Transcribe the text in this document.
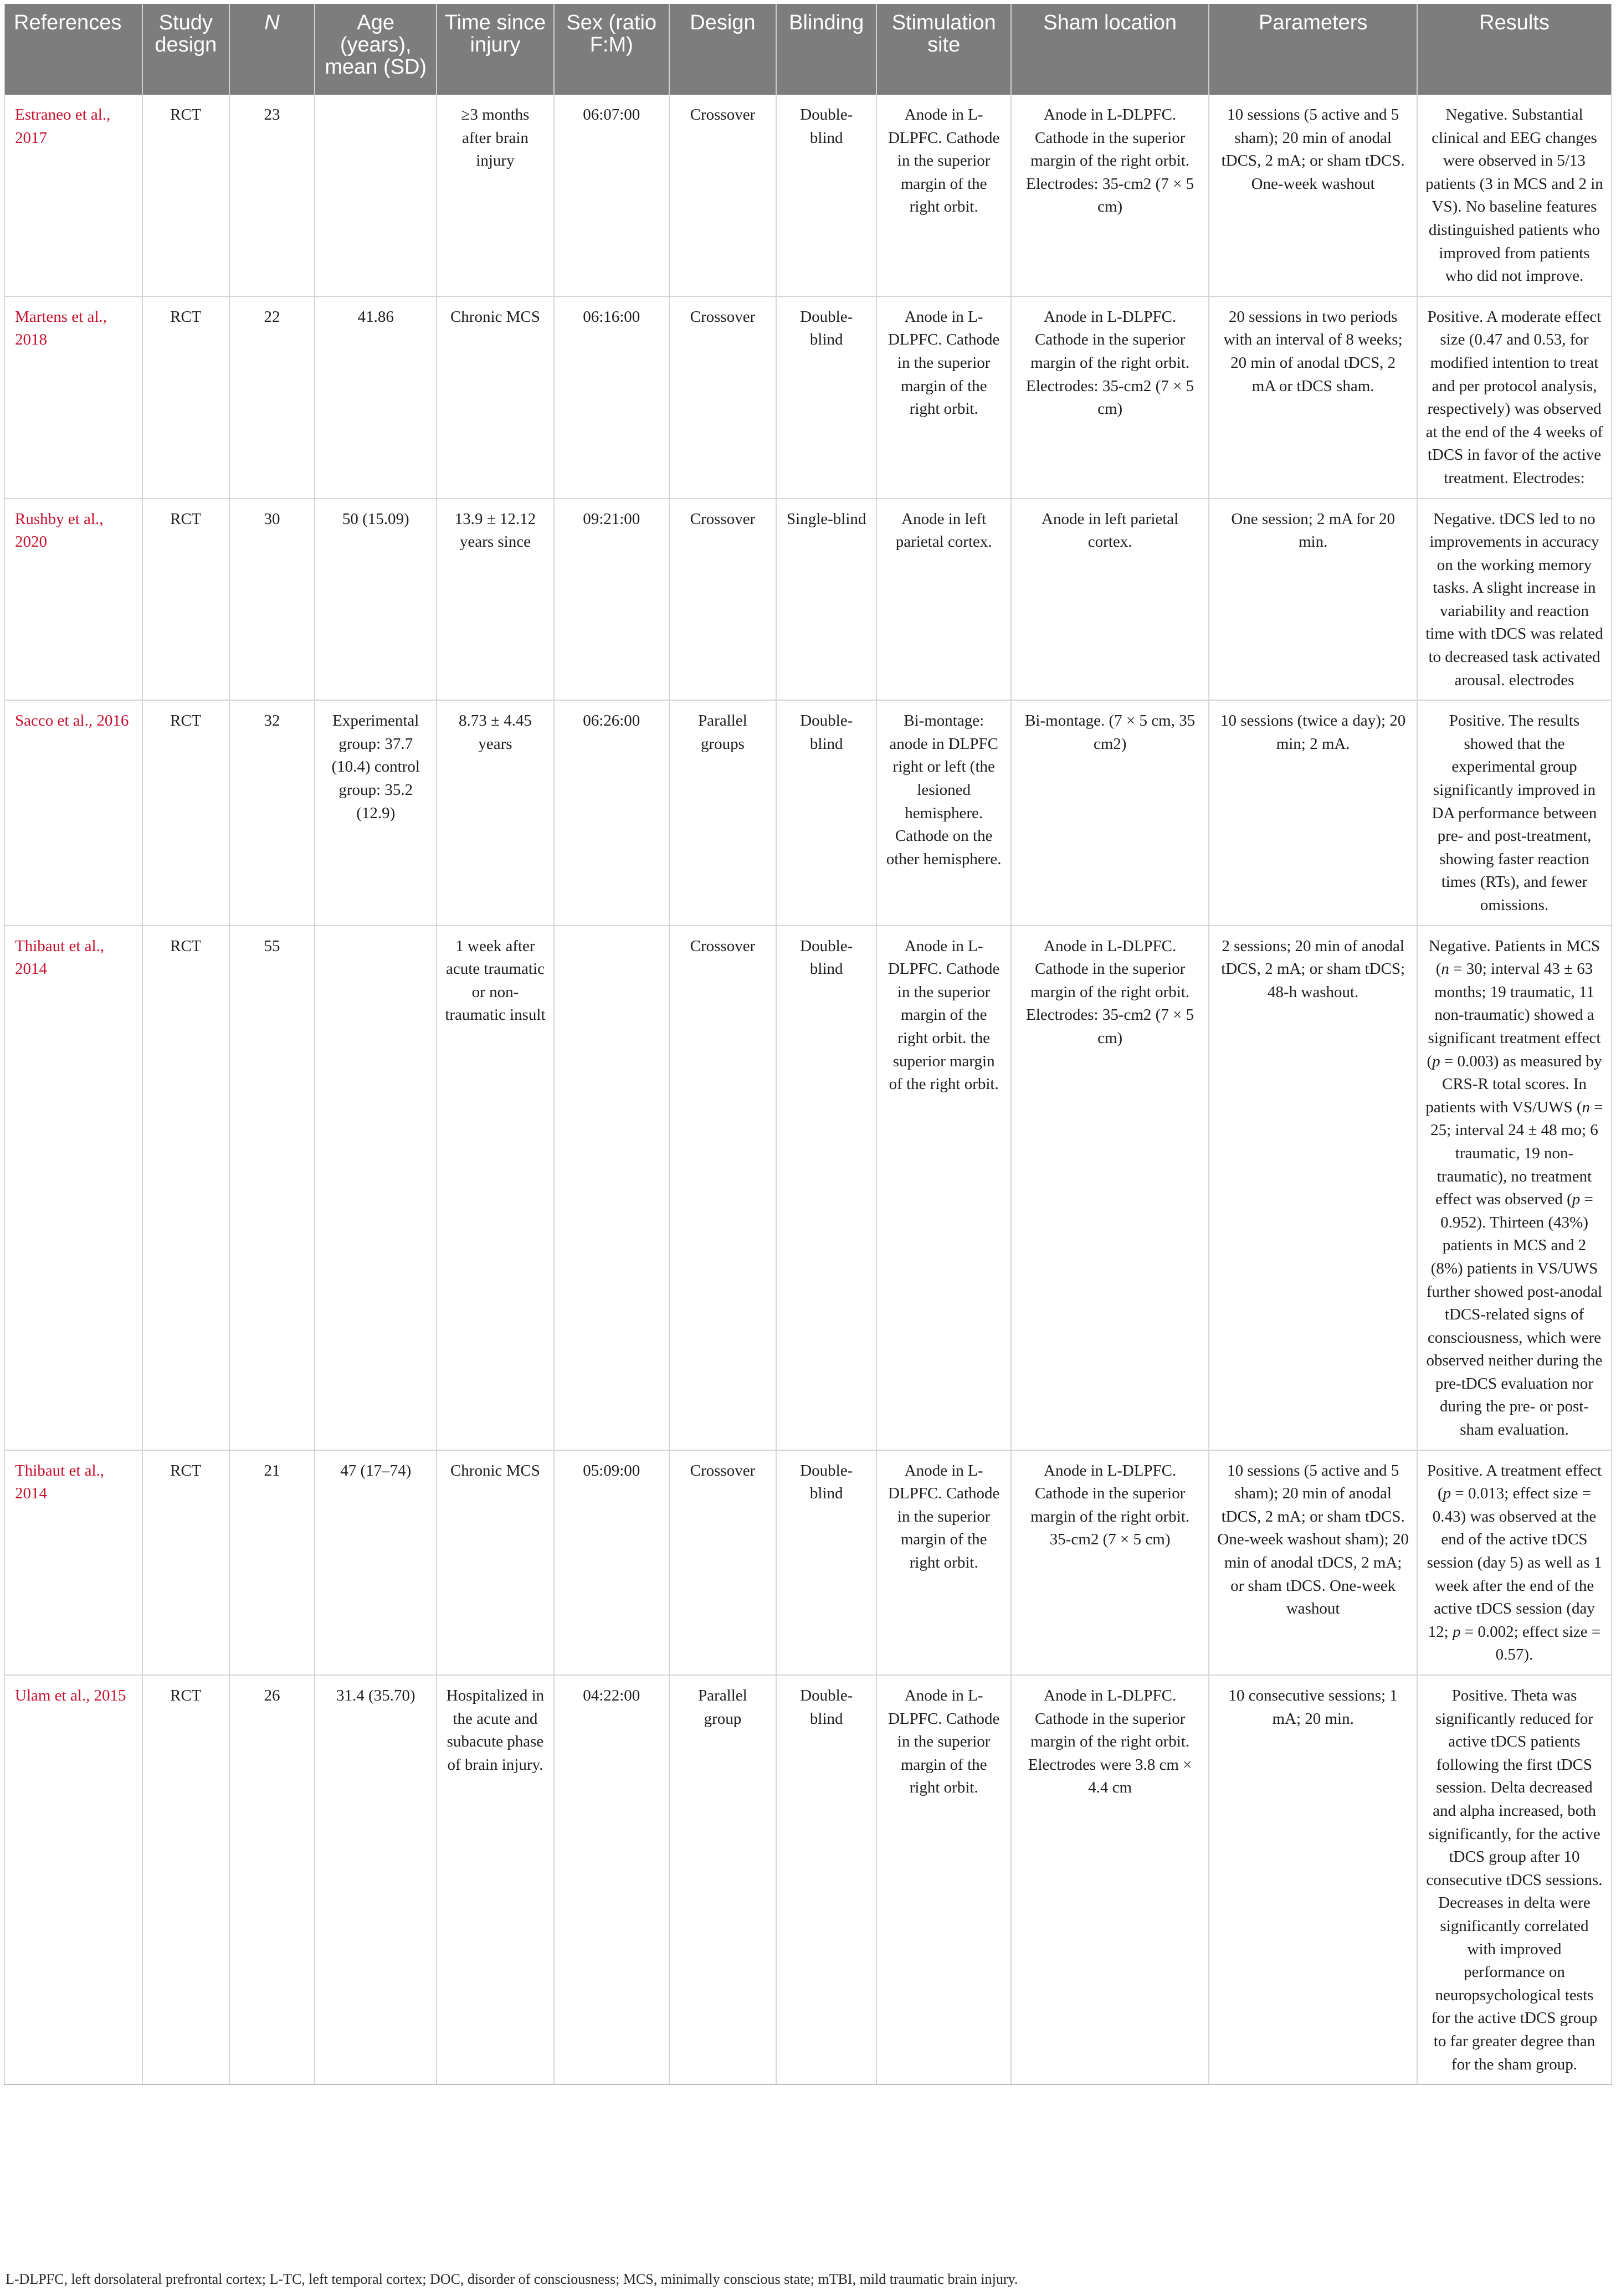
References	Study design	N	Age (years), mean (SD)	Time since injury	Sex (ratio F:M)	Design	Blinding	Stimulation site	Sham location	Parameters	Results
Estraneo et al., 2017	RCT	23		≥3 months after brain injury	06:07:00	Crossover	Double-blind	Anode in L-DLPFC. Cathode in the superior margin of the right orbit.	Anode in L-DLPFC. Cathode in the superior margin of the right orbit. Electrodes: 35-cm2 (7 × 5 cm)	10 sessions (5 active and 5 sham); 20 min of anodal tDCS, 2 mA; or sham tDCS. One-week washout	Negative. Substantial clinical and EEG changes were observed in 5/13 patients (3 in MCS and 2 in VS). No baseline features distinguished patients who improved from patients who did not improve.
Martens et al., 2018	RCT	22	41.86	Chronic MCS	06:16:00	Crossover	Double-blind	Anode in L-DLPFC. Cathode in the superior margin of the right orbit.	Anode in L-DLPFC. Cathode in the superior margin of the right orbit. Electrodes: 35-cm2 (7 × 5 cm)	20 sessions in two periods with an interval of 8 weeks; 20 min of anodal tDCS, 2 mA or tDCS sham.	Positive. A moderate effect size (0.47 and 0.53, for modified intention to treat and per protocol analysis, respectively) was observed at the end of the 4 weeks of tDCS in favor of the active treatment. Electrodes:
Rushby et al., 2020	RCT	30	50 (15.09)	13.9 ± 12.12 years since	09:21:00	Crossover	Single-blind	Anode in left parietal cortex.	Anode in left parietal cortex.	One session; 2 mA for 20 min.	Negative. tDCS led to no improvements in accuracy on the working memory tasks. A slight increase in variability and reaction time with tDCS was related to decreased task activated arousal. electrodes
Sacco et al., 2016	RCT	32	Experimental group: 37.7 (10.4) control group: 35.2 (12.9)	8.73 ± 4.45 years	06:26:00	Parallel groups	Double-blind	Bi-montage: anode in DLPFC right or left (the lesioned hemisphere. Cathode on the other hemisphere.	Bi-montage. (7 × 5 cm, 35 cm2)	10 sessions (twice a day); 20 min; 2 mA.	Positive. The results showed that the experimental group significantly improved in DA performance between pre- and post-treatment, showing faster reaction times (RTs), and fewer omissions.
Thibaut et al., 2014	RCT	55		1 week after acute traumatic or non-traumatic insult		Crossover	Double-blind	Anode in L-DLPFC. Cathode in the superior margin of the right orbit. the superior margin of the right orbit.	Anode in L-DLPFC. Cathode in the superior margin of the right orbit. Electrodes: 35-cm2 (7 × 5 cm)	2 sessions; 20 min of anodal tDCS, 2 mA; or sham tDCS; 48-h washout.	Negative. Patients in MCS (n = 30; interval 43 ± 63 months; 19 traumatic, 11 non-traumatic) showed a significant treatment effect (p = 0.003) as measured by CRS-R total scores. In patients with VS/UWS (n = 25; interval 24 ± 48 mo; 6 traumatic, 19 non-traumatic), no treatment effect was observed (p = 0.952). Thirteen (43%) patients in MCS and 2 (8%) patients in VS/UWS further showed post-anodal tDCS-related signs of consciousness, which were observed neither during the pre-tDCS evaluation nor during the pre- or post-sham evaluation.
Thibaut et al., 2014	RCT	21	47 (17–74)	Chronic MCS	05:09:00	Crossover	Double-blind	Anode in L-DLPFC. Cathode in the superior margin of the right orbit.	Anode in L-DLPFC. Cathode in the superior margin of the right orbit. 35-cm2 (7 × 5 cm)	10 sessions (5 active and 5 sham); 20 min of anodal tDCS, 2 mA; or sham tDCS. One-week washout sham); 20 min of anodal tDCS, 2 mA; or sham tDCS. One-week washout	Positive. A treatment effect (p = 0.013; effect size = 0.43) was observed at the end of the active tDCS session (day 5) as well as 1 week after the end of the active tDCS session (day 12; p = 0.002; effect size = 0.57).
Ulam et al., 2015	RCT	26	31.4 (35.70)	Hospitalized in the acute and subacute phase of brain injury.	04:22:00	Parallel group	Double-blind	Anode in L-DLPFC. Cathode in the superior margin of the right orbit.	Anode in L-DLPFC. Cathode in the superior margin of the right orbit. Electrodes were 3.8 cm × 4.4 cm	10 consecutive sessions; 1 mA; 20 min.	Positive. Theta was significantly reduced for active tDCS patients following the first tDCS session. Delta decreased and alpha increased, both significantly, for the active tDCS group after 10 consecutive tDCS sessions. Decreases in delta were significantly correlated with improved performance on neuropsychological tests for the active tDCS group to far greater degree than for the sham group.
L-DLPFC, left dorsolateral prefrontal cortex; L-TC, left temporal cortex; DOC, disorder of consciousness; MCS, minimally conscious state; mTBI, mild traumatic brain injury.
